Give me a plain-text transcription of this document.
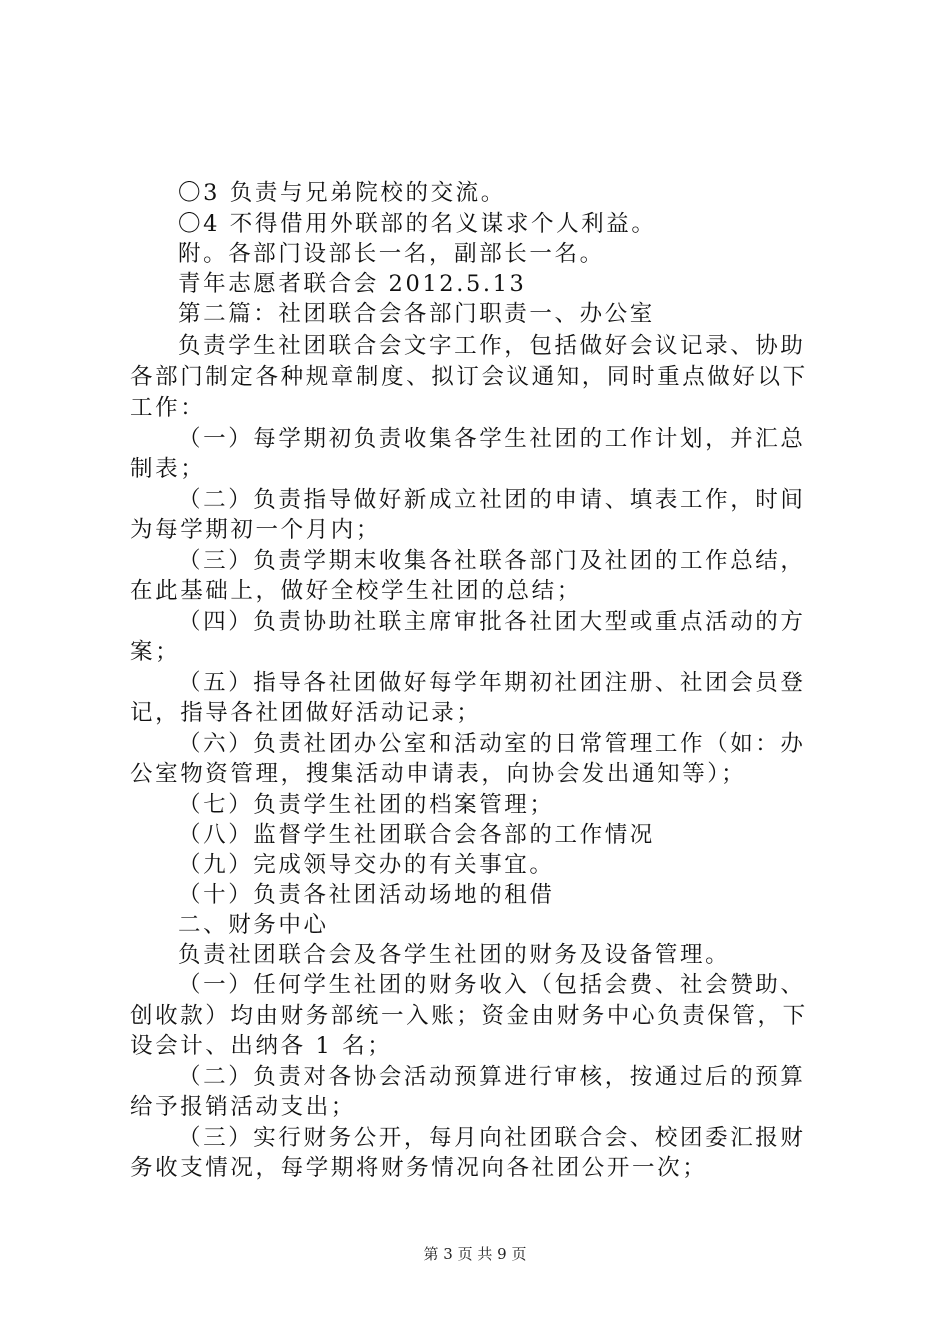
〇3 负责与兄弟院校的交流。
〇4 不得借用外联部的名义谋求个人利益。
附。各部门设部长一名，副部长一名。
青年志愿者联合会 2012.5.13
第二篇：社团联合会各部门职责一、办公室
负责学生社团联合会文字工作，包括做好会议记录、协助
各部门制定各种规章制度、拟订会议通知，同时重点做好以下
工作：
（一）每学期初负责收集各学生社团的工作计划，并汇总
制表；
（二）负责指导做好新成立社团的申请、填表工作，时间
为每学期初一个月内；
（三）负责学期末收集各社联各部门及社团的工作总结，
在此基础上，做好全校学生社团的总结；
（四）负责协助社联主席审批各社团大型或重点活动的方
案；
（五）指导各社团做好每学年期初社团注册、社团会员登
记，指导各社团做好活动记录；
（六）负责社团办公室和活动室的日常管理工作（如：办
公室物资管理，搜集活动申请表，向协会发出通知等）；
（七）负责学生社团的档案管理；
（八）监督学生社团联合会各部的工作情况
（九）完成领导交办的有关事宜。
（十）负责各社团活动场地的租借
二、财务中心
负责社团联合会及各学生社团的财务及设备管理。
（一）任何学生社团的财务收入（包括会费、社会赞助、
创收款）均由财务部统一入账；资金由财务中心负责保管，下
设会计、出纳各 1 名；
（二）负责对各协会活动预算进行审核，按通过后的预算
给予报销活动支出；
（三）实行财务公开，每月向社团联合会、校团委汇报财
务收支情况，每学期将财务情况向各社团公开一次；
第 3 页 共 9 页
